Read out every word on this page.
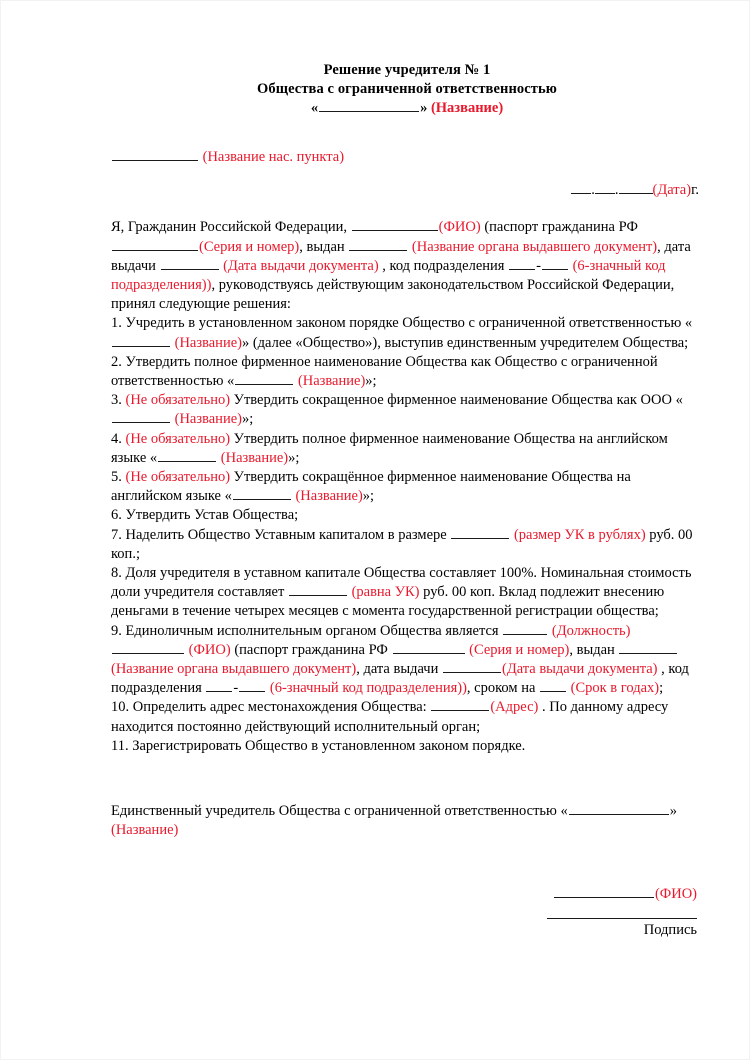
Решение учредителя № 1
Общества с ограниченной ответственностью
«	» (Название)
(Название нас. пункта)
. . (Дата)г.
Я, Гражданин Российской Федерации,	(ФИО) (паспорт гражданина РФ (Серия и номер), выдан	(Название органа выдавшего документ), дата выдачи	(Дата выдачи документа) , код подразделения - (6-значный код подразделения)), руководствуясь действующим законодательством Российской Федерации, принял следующие решения:
1. Учредить в установленном законом порядке Общество с ограниченной ответственностью « (Название)» (далее «Общество»), выступив единственным учредителем Общества;
2. Утвердить полное фирменное наименование Общества как Общество с ограниченной ответственностью «	(Название)»;
3. (Не обязательно) Утвердить сокращенное фирменное наименование Общества как ООО « (Название)»;
4. (Не обязательно) Утвердить полное фирменное наименование Общества на английском языке «	(Название)»;
5. (Не обязательно) Утвердить сокращённое фирменное наименование Общества на английском языке «	(Название)»;
6. Утвердить Устав Общества;
7. Наделить Общество Уставным капиталом в размере	(размер УК в рублях) руб. 00 коп.;
8. Доля учредителя в уставном капитале Общества составляет 100%. Номинальная стоимость доли учредителя составляет	(равна УК) руб. 00 коп. Вклад подлежит внесению деньгами в течение четырех месяцев с момента государственной регистрации общества;
9. Единоличным исполнительным органом Общества является	(Должность)  (ФИО) (паспорт гражданина РФ	(Серия и номер), выдан  (Название органа выдавшего документ), дата выдачи	(Дата выдачи документа) , код подразделения - (6-значный код подразделения)), сроком на  (Срок в годах);
10. Определить адрес местонахождения Общества:	(Адрес) . По данному адресу находится постоянно действующий исполнительный орган;
11. Зарегистрировать Общество в установленном законом порядке.
Единственный учредитель Общества с ограниченной ответственностью «	»
(Название)
(ФИО)
Подпись
